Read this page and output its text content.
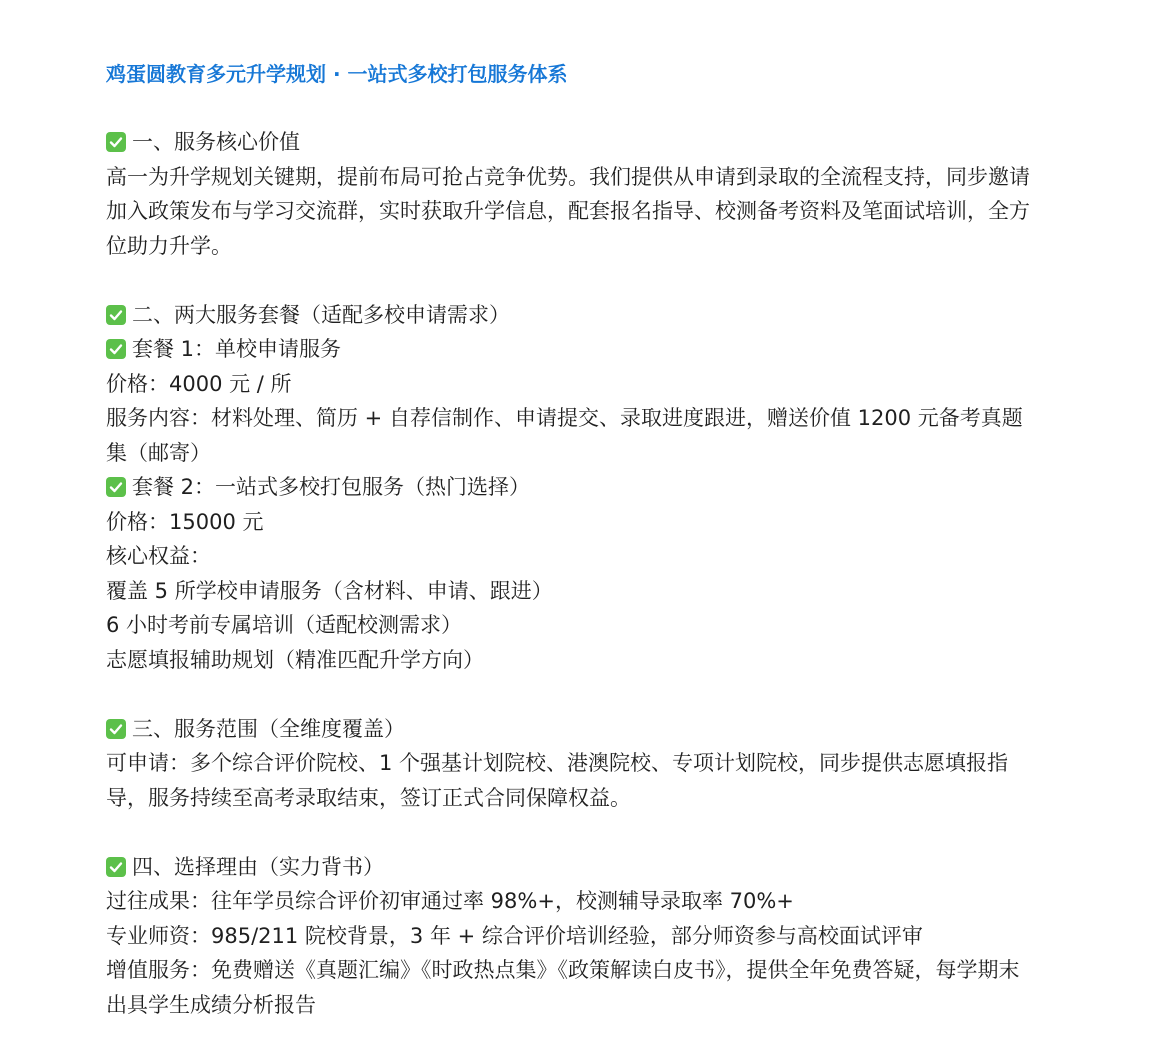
鸡蛋圆教育多元升学规划 · 一站式多校打包服务体系
一、服务核心价值
高一为升学规划关键期，提前布局可抢占竞争优势。我们提供从申请到录取的全流程支持，同步邀请加入政策发布与学习交流群，实时获取升学信息，配套报名指导、校测备考资料及笔面试培训，全方位助力升学。
二、两大服务套餐（适配多校申请需求）
套餐 1：单校申请服务
价格：4000 元 / 所
服务内容：材料处理、简历 + 自荐信制作、申请提交、录取进度跟进，赠送价值 1200 元备考真题集（邮寄）
套餐 2：一站式多校打包服务（热门选择）
价格：15000 元
核心权益：
覆盖 5 所学校申请服务（含材料、申请、跟进）
6 小时考前专属培训（适配校测需求）
志愿填报辅助规划（精准匹配升学方向）
三、服务范围（全维度覆盖）
可申请：多个综合评价院校、1 个强基计划院校、港澳院校、专项计划院校，同步提供志愿填报指导，服务持续至高考录取结束，签订正式合同保障权益。
四、选择理由（实力背书）
过往成果：往年学员综合评价初审通过率 98%+，校测辅导录取率 70%+
专业师资：985/211 院校背景，3 年 + 综合评价培训经验，部分师资参与高校面试评审
增值服务：免费赠送《真题汇编》《时政热点集》《政策解读白皮书》，提供全年免费答疑，每学期末出具学生成绩分析报告
